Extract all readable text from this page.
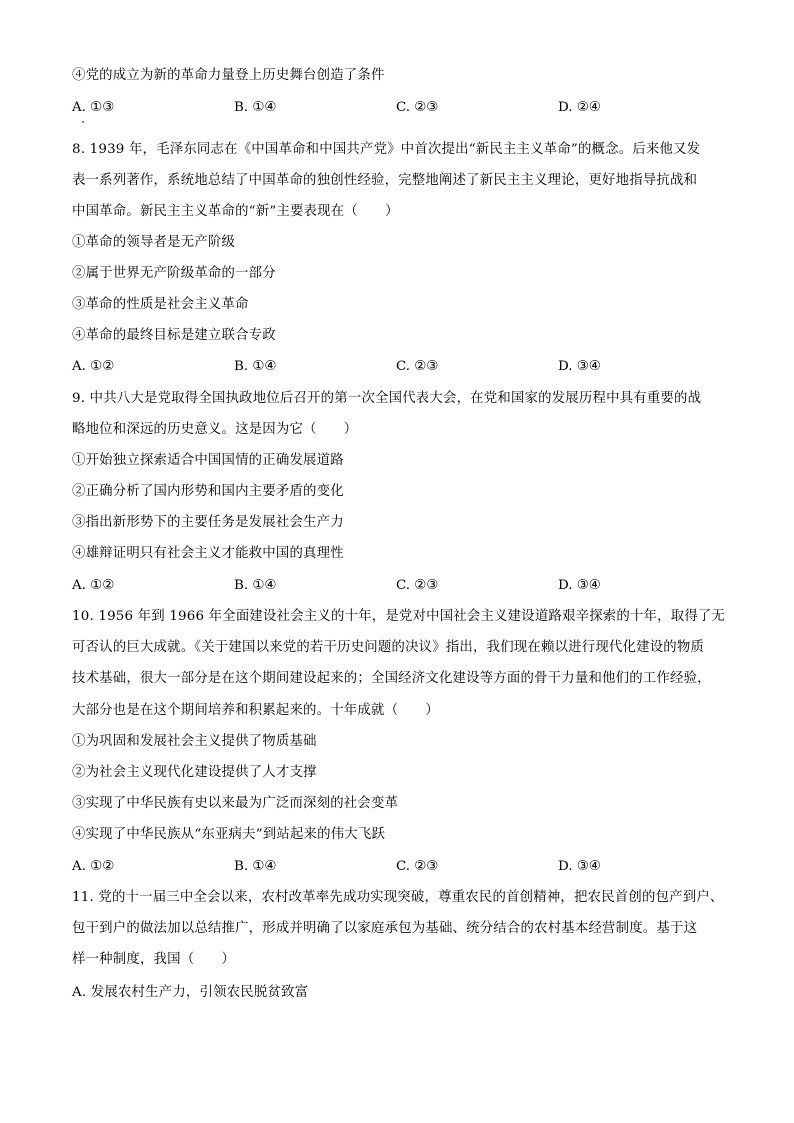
④党的成立为新的革命力量登上历史舞台创造了条件
A. ①③	B. ①④	C. ②③	D. ②④
8. 1939 年，毛泽东同志在《中国革命和中国共产党》中首次提出“新民主主义革命”的概念。后来他又发
表一系列著作，系统地总结了中国革命的独创性经验，完整地阐述了新民主主义理论，更好地指导抗战和
中国革命。新民主主义革命的“新”主要表现在（　　）
①革命的领导者是无产阶级
②属于世界无产阶级革命的一部分
③革命的性质是社会主义革命
④革命的最终目标是建立联合专政
A. ①②	B. ①④	C. ②③	D. ③④
9. 中共八大是党取得全国执政地位后召开的第一次全国代表大会，在党和国家的发展历程中具有重要的战
略地位和深远的历史意义。这是因为它（　　）
①开始独立探索适合中国国情的正确发展道路
②正确分析了国内形势和国内主要矛盾的变化
③指出新形势下的主要任务是发展社会生产力
④雄辩证明只有社会主义才能救中国的真理性
A. ①②	B. ①④	C. ②③	D. ③④
10. 1956 年到 1966 年全面建设社会主义的十年，是党对中国社会主义建设道路艰辛探索的十年，取得了无
可否认的巨大成就。《关于建国以来党的若干历史问题的决议》指出，我们现在赖以进行现代化建设的物质
技术基础，很大一部分是在这个期间建设起来的；全国经济文化建设等方面的骨干力量和他们的工作经验，
大部分也是在这个期间培养和积累起来的。十年成就（　　）
①为巩固和发展社会主义提供了物质基础
②为社会主义现代化建设提供了人才支撑
③实现了中华民族有史以来最为广泛而深刻的社会变革
④实现了中华民族从“东亚病夫”到站起来的伟大飞跃
A. ①②	B. ①④	C. ②③	D. ③④
11. 党的十一届三中全会以来，农村改革率先成功实现突破，尊重农民的首创精神，把农民首创的包产到户、
包干到户的做法加以总结推广，形成并明确了以家庭承包为基础、统分结合的农村基本经营制度。基于这
样一种制度，我国（　　）
A. 发展农村生产力，引领农民脱贫致富
